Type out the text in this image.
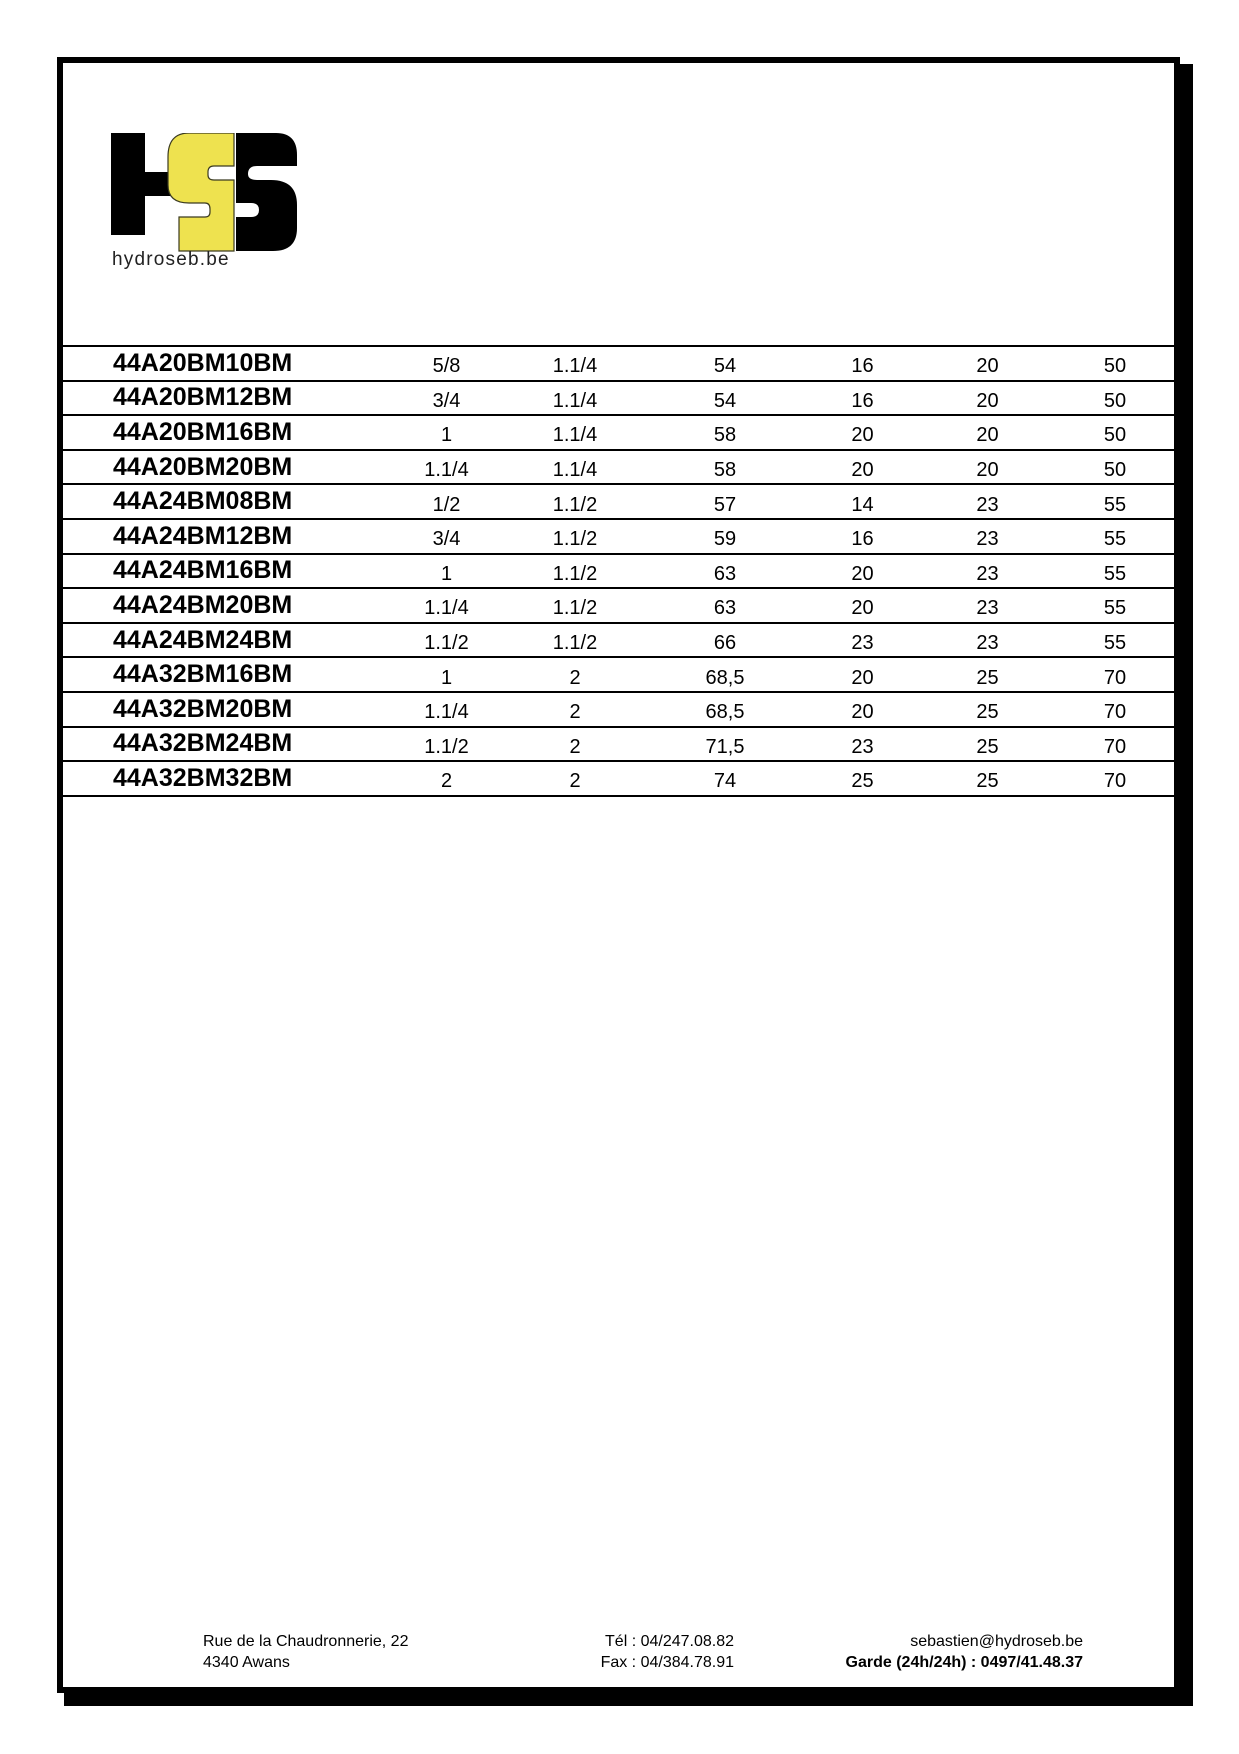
hydroseb.be
44A20BM10BM	5/8	1.1/4	54	16	20	50
44A20BM12BM	3/4	1.1/4	54	16	20	50
44A20BM16BM	1	1.1/4	58	20	20	50
44A20BM20BM	1.1/4	1.1/4	58	20	20	50
44A24BM08BM	1/2	1.1/2	57	14	23	55
44A24BM12BM	3/4	1.1/2	59	16	23	55
44A24BM16BM	1	1.1/2	63	20	23	55
44A24BM20BM	1.1/4	1.1/2	63	20	23	55
44A24BM24BM	1.1/2	1.1/2	66	23	23	55
44A32BM16BM	1	2	68,5	20	25	70
44A32BM20BM	1.1/4	2	68,5	20	25	70
44A32BM24BM	1.1/2	2	71,5	23	25	70
44A32BM32BM	2	2	74	25	25	70
Rue de la Chaudronnerie, 22
4340 Awans
Tél : 04/247.08.82
Fax : 04/384.78.91
sebastien@hydroseb.be
Garde (24h/24h) : 0497/41.48.37
